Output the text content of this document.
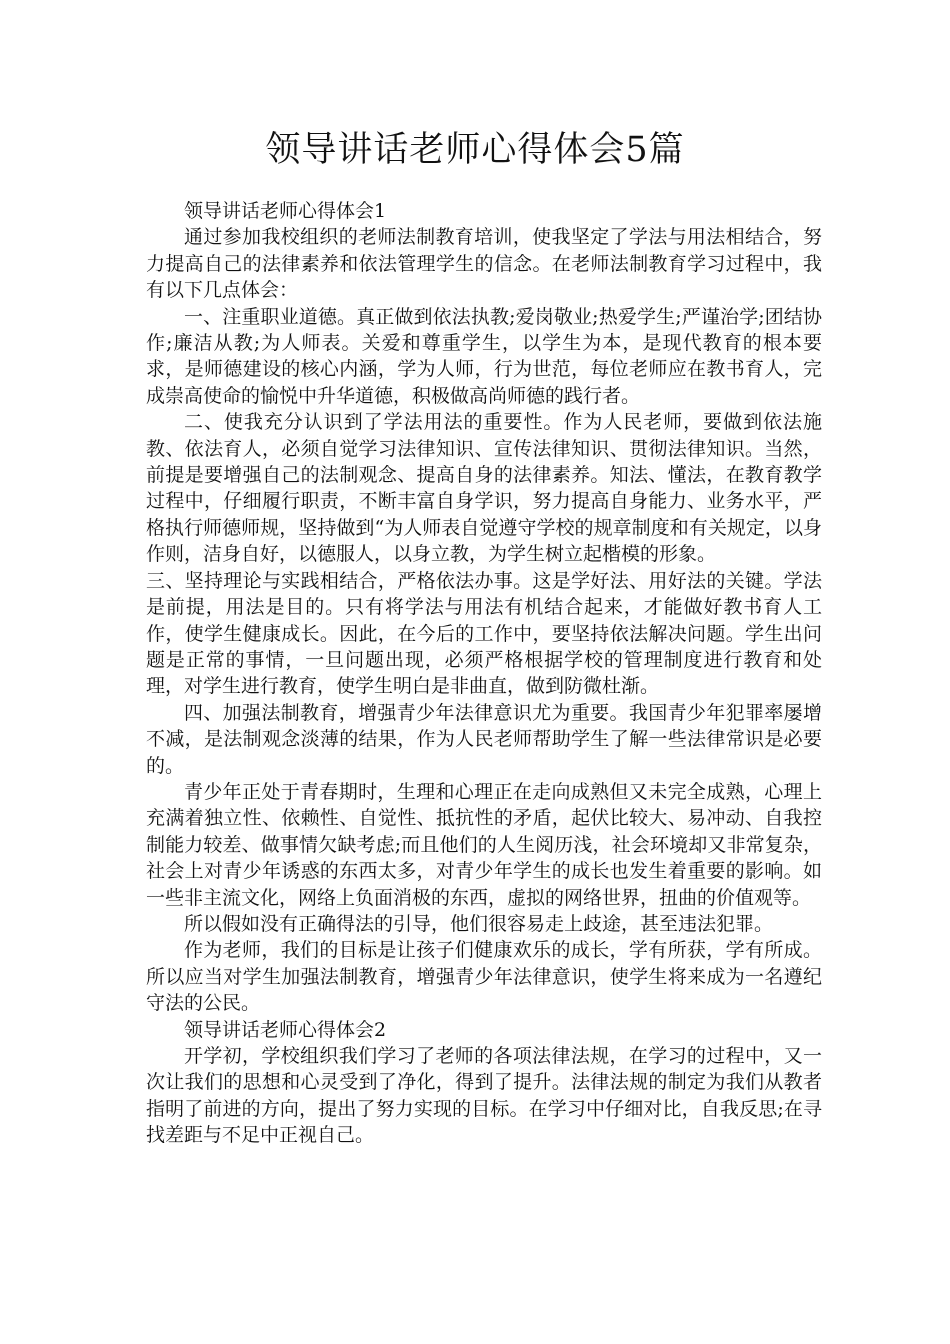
领导讲话老师心得体会5篇

领导讲话老师心得体会1

通过参加我校组织的老师法制教育培训，使我坚定了学法与用法相结合，努力提高自己的法律素养和依法管理学生的信念。在老师法制教育学习过程中，我有以下几点体会：

一、注重职业道德。真正做到依法执教;爱岗敬业;热爱学生;严谨治学;团结协作;廉洁从教;为人师表。关爱和尊重学生，以学生为本，是现代教育的根本要求，是师德建设的核心内涵，学为人师，行为世范，每位老师应在教书育人，完成崇高使命的愉悦中升华道德，积极做高尚师德的践行者。

二、使我充分认识到了学法用法的重要性。作为人民老师，要做到依法施教、依法育人，必须自觉学习法律知识、宣传法律知识、贯彻法律知识。当然，前提是要增强自己的法制观念、提高自身的法律素养。知法、懂法，在教育教学过程中，仔细履行职责，不断丰富自身学识，努力提高自身能力、业务水平，严格执行师德师规，坚持做到“为人师表自觉遵守学校的规章制度和有关规定，以身作则，洁身自好，以德服人，以身立教，为学生树立起楷模的形象。

三、坚持理论与实践相结合，严格依法办事。这是学好法、用好法的关键。学法是前提，用法是目的。只有将学法与用法有机结合起来，才能做好教书育人工作，使学生健康成长。因此，在今后的工作中，要坚持依法解决问题。学生出问题是正常的事情，一旦问题出现，必须严格根据学校的管理制度进行教育和处理，对学生进行教育，使学生明白是非曲直，做到防微杜渐。

四、加强法制教育，增强青少年法律意识尤为重要。我国青少年犯罪率屡增不减，是法制观念淡薄的结果，作为人民老师帮助学生了解一些法律常识是必要的。

青少年正处于青春期时，生理和心理正在走向成熟但又未完全成熟，心理上充满着独立性、依赖性、自觉性、抵抗性的矛盾，起伏比较大、易冲动、自我控制能力较差、做事情欠缺考虑;而且他们的人生阅历浅，社会环境却又非常复杂，社会上对青少年诱惑的东西太多，对青少年学生的成长也发生着重要的影响。如一些非主流文化，网络上负面消极的东西，虚拟的网络世界，扭曲的价值观等。

所以假如没有正确得法的引导，他们很容易走上歧途，甚至违法犯罪。

作为老师，我们的目标是让孩子们健康欢乐的成长，学有所获，学有所成。所以应当对学生加强法制教育，增强青少年法律意识，使学生将来成为一名遵纪守法的公民。

领导讲话老师心得体会2

开学初，学校组织我们学习了老师的各项法律法规，在学习的过程中，又一次让我们的思想和心灵受到了净化，得到了提升。法律法规的制定为我们从教者指明了前进的方向，提出了努力实现的目标。在学习中仔细对比，自我反思;在寻找差距与不足中正视自己。
